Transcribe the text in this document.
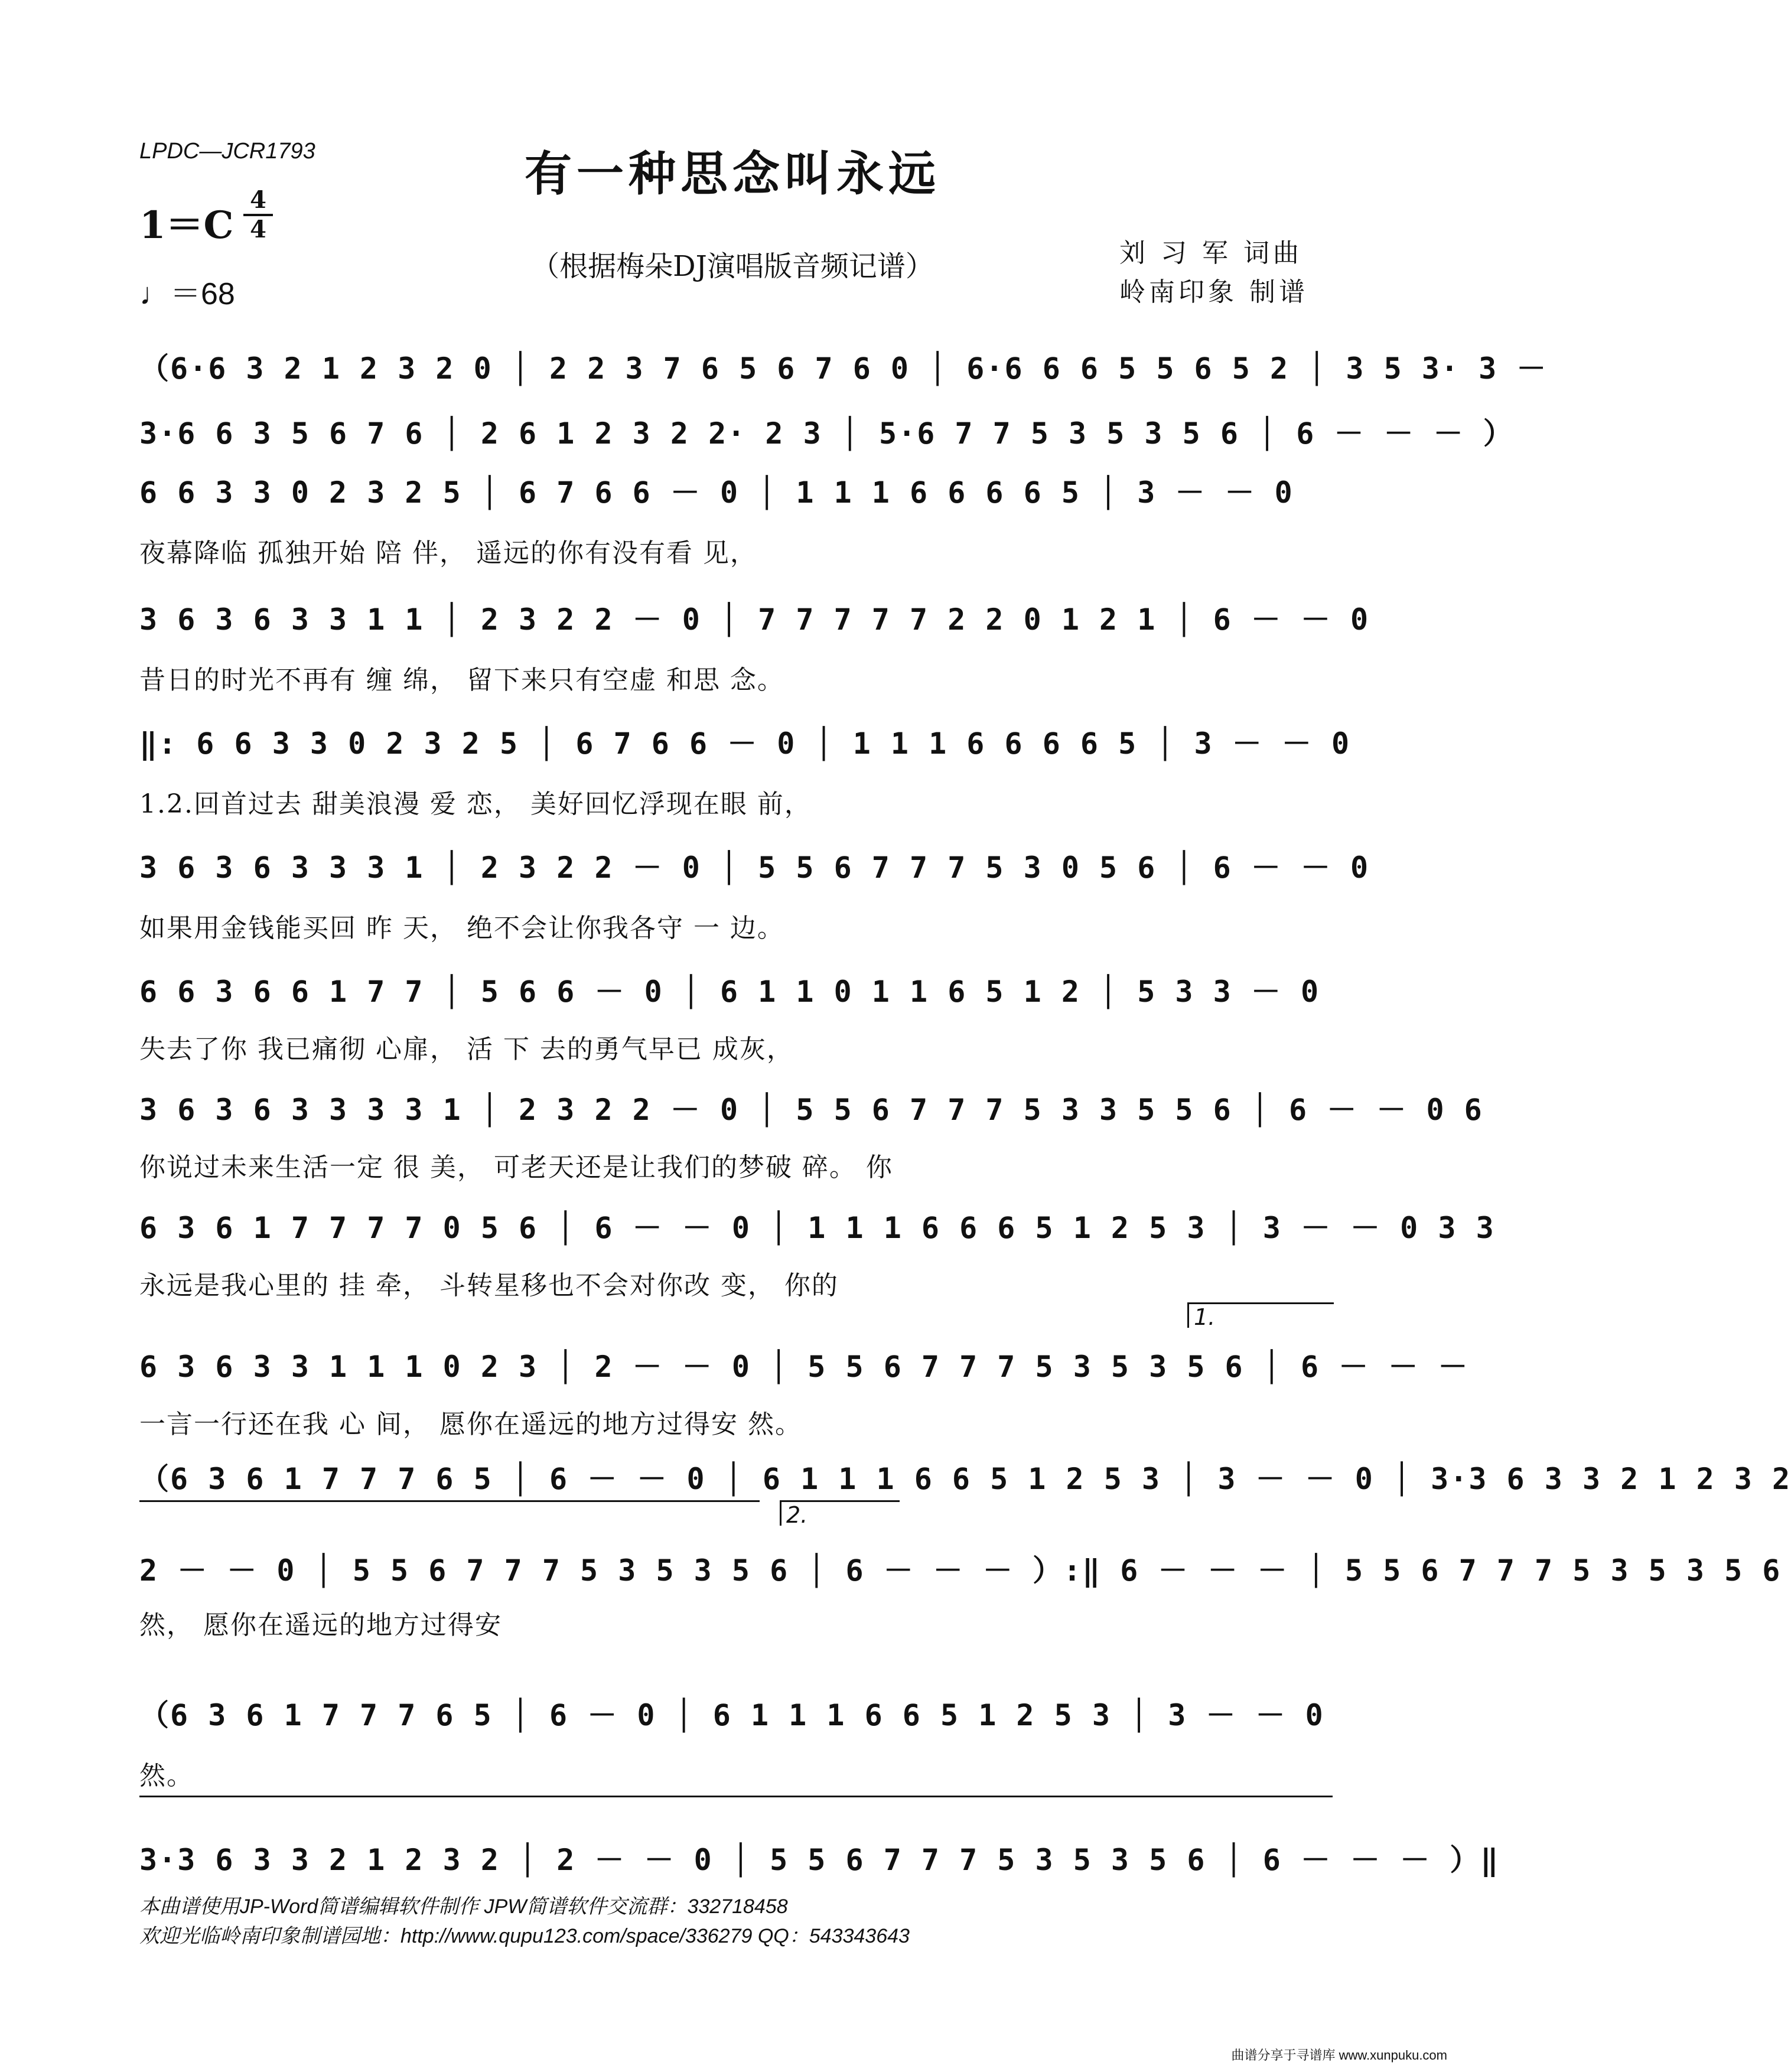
LPDC—JCR1793	有一种思念叫永远
1＝C
4
4
♩＝68
（根据梅朵DJ演唱版音频记谱）	刘 习 军 词曲
岭南印象 制谱
（6·6 3 2 1 2 3 2 0 │ 2 2 3 7 6 5 6 7 6 0 │ 6·6 6 6 5 5 6 5 2 │ 3 5 3· 3 －
3·6 6 3 5 6 7 6 │ 2 6 1 2 3 2 2· 2 3 │ 5·6 7 7 5 3 5 3 5 6 │ 6 － － － ）
6 6 3 3 0 2 3 2 5 │ 6 7 6 6 － 0 │ 1 1 1 6 6 6 6 5 │ 3 － － 0
夜幕降临 孤独开始 陪 伴， 遥远的你有没有看 见，
3 6 3 6 3 3 1 1 │ 2 3 2 2 － 0 │ 7 7 7 7 7 2 2 0 1 2 1 │ 6 － － 0
昔日的时光不再有 缠 绵， 留下来只有空虚 和思 念。
‖: 6 6 3 3 0 2 3 2 5 │ 6 7 6 6 － 0 │ 1 1 1 6 6 6 6 5 │ 3 － － 0
1.2.回首过去 甜美浪漫 爱 恋， 美好回忆浮现在眼 前，
3 6 3 6 3 3 3 1 │ 2 3 2 2 － 0 │ 5 5 6 7 7 7 5 3 0 5 6 │ 6 － － 0
如果用金钱能买回 昨 天， 绝不会让你我各守 一 边。
6 6 3 6 6 1 7 7 │ 5 6 6 － 0 │ 6 1 1 0 1 1 6 5 1 2 │ 5 3 3 － 0
失去了你 我已痛彻 心扉， 活 下 去的勇气早已 成灰，
3 6 3 6 3 3 3 3 1 │ 2 3 2 2 － 0 │ 5 5 6 7 7 7 5 3 3 5 5 6 │ 6 － － 0 6
你说过未来生活一定 很 美， 可老天还是让我们的梦破 碎。 你
6 3 6 1 7 7 7 7 0 5 6 │ 6 － － 0 │ 1 1 1 6 6 6 5 1 2 5 3 │ 3 － － 0 3 3
永远是我心里的 挂 牵， 斗转星移也不会对你改 变， 你的
1.
6 3 6 3 3 1 1 1 0 2 3 │ 2 － － 0 │ 5 5 6 7 7 7 5 3 5 3 5 6 │ 6 － － －
一言一行还在我 心 间， 愿你在遥远的地方过得安 然。
（6 3 6 1 7 7 7 6 5 │ 6 － － 0 │ 6 1 1 1 6 6 5 1 2 5 3 │ 3 － － 0 │ 3·3 6 3 3 2 1 2 3 2
2.
2 － － 0 │ 5 5 6 7 7 7 5 3 5 3 5 6 │ 6 － － － ）:‖ 6 － － － │ 5 5 6 7 7 7 5 3 5 3 5 6
然， 愿你在遥远的地方过得安
（6 3 6 1 7 7 7 6 5 │ 6 － 0 │ 6 1 1 1 6 6 5 1 2 5 3 │ 3 － － 0
然。
3·3 6 3 3 2 1 2 3 2 │ 2 － － 0 │ 5 5 6 7 7 7 5 3 5 3 5 6 │ 6 － － － ）‖
本曲谱使用JP-Word简谱编辑软件制作 JPW简谱软件交流群：332718458
欢迎光临岭南印象制谱园地：http://www.qupu123.com/space/336279 QQ：543343643
曲谱分享于寻谱库 www.xunpuku.com
